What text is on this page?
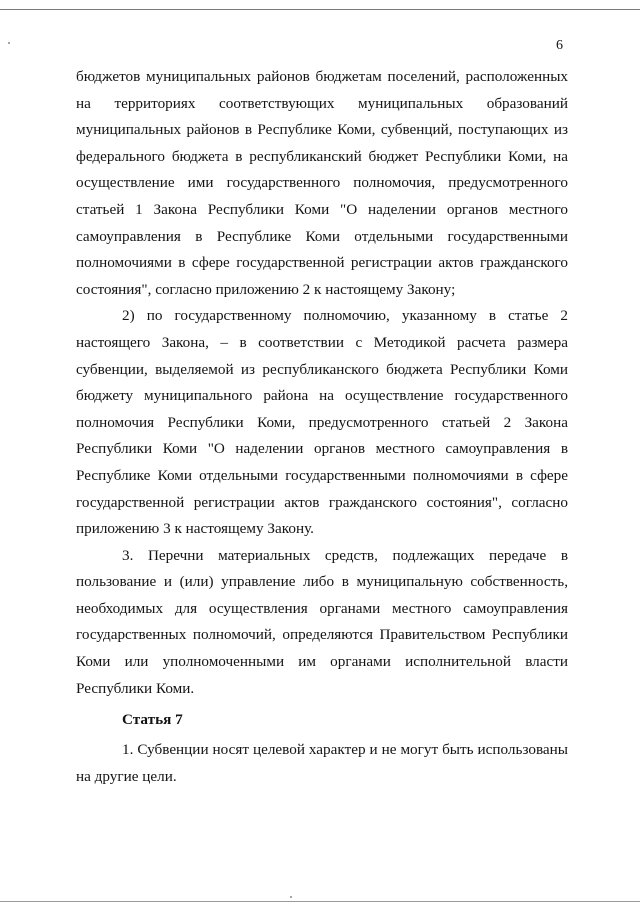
6

бюджетов муниципальных районов бюджетам поселений, расположенных на территориях соответствующих муниципальных образований муниципальных районов в Республике Коми, субвенций, поступающих из федерального бюджета в республиканский бюджет Республики Коми, на осуществление ими государственного полномочия, предусмотренного статьей 1 Закона Республики Коми "О наделении органов местного самоуправления в Республике Коми отдельными государственными полномочиями в сфере государственной регистрации актов гражданского состояния", согласно приложению 2 к настоящему Закону;

2) по государственному полномочию, указанному в статье 2 настоящего Закона, – в соответствии с Методикой расчета размера субвенции, выделяемой из республиканского бюджета Республики Коми бюджету муниципального района на осуществление государственного полномочия Республики Коми, предусмотренного статьей 2 Закона Республики Коми "О наделении органов местного самоуправления в Республике Коми отдельными государственными полномочиями в сфере государственной регистрации актов гражданского состояния", согласно приложению 3 к настоящему Закону.

3. Перечни материальных средств, подлежащих передаче в пользование и (или) управление либо в муниципальную собственность, необходимых для осуществления органами местного самоуправления государственных полномочий, определяются Правительством Республики Коми или уполномоченными им органами исполнительной власти Республики Коми.

Статья 7

1. Субвенции носят целевой характер и не могут быть использованы на другие цели.
